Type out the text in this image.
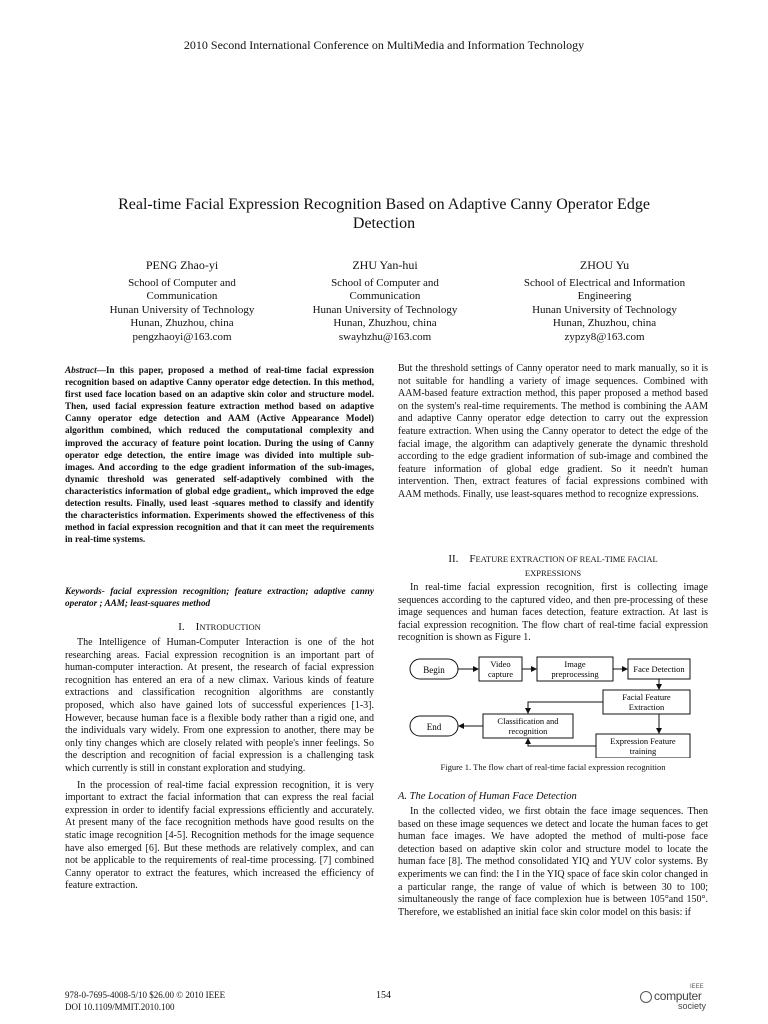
2010 Second International Conference on MultiMedia and Information Technology
Real-time Facial Expression Recognition Based on Adaptive Canny Operator Edge Detection
PENG Zhao-yi
School of Computer and
Communication
Hunan University of Technology
Hunan, Zhuzhou, china
pengzhaoyi@163.com
ZHU Yan-hui
School of Computer and
Communication
Hunan University of Technology
Hunan, Zhuzhou, china
swayhzhu@163.com
ZHOU Yu
School of Electrical and Information
Engineering
Hunan University of Technology
Hunan, Zhuzhou, china
zypzy8@163.com
Abstract—In this paper, proposed a method of real-time facial expression recognition based on adaptive Canny operator edge detection. In this method, first used face location based on an adaptive skin color and structure model. Then, used facial expression feature extraction method based on adaptive Canny operator edge detection and AAM (Active Appearance Model) algorithm combined, which reduced the computational complexity and improved the accuracy of feature point location. During the using of Canny operator edge detection, the entire image was divided into multiple sub-images. And according to the edge gradient information of the sub-images, dynamic threshold was generated self-adaptively combined with the characteristics information of global edge gradient,, which improved the edge detection results. Finally, used least -squares method to classify and identify the characteristics information. Experiments showed the effectiveness of this method in facial expression recognition and that it can meet the requirements in real-time systems.
Keywords- facial expression recognition; feature extraction; adaptive canny operator ; AAM; least-squares method
I. INTRODUCTION

The Intelligence of Human-Computer Interaction is one of the hot researching areas. Facial expression recognition is an important part of human-computer interaction. At present, the research of facial expression recognition has entered an era of a new climax. Various kinds of feature extractions and classification recognition algorithms are constantly proposed, which also have gained lots of successful experiences [1-3]. However, because human face is a flexible body rather than a rigid one, and the individuals vary widely. From one expression to another, there may be only tiny changes which are closely related with people's inner feelings. So the description and recognition of facial expression is a challenging task which currently is still in constant exploration and studying.

In the procession of real-time facial expression recognition, it is very important to extract the facial information that can express the real facial expression in order to identify facial expressions efficiently and accurately. At present many of the face recognition methods have good results on the static image recognition [4-5]. Recognition methods for the image sequence have also emerged [6]. But these methods are relatively complex, and can not be applicable to the requirements of real-time processing. [7] combined Canny operator to extract the features, which increased the efficiency of feature extraction.

But the threshold settings of Canny operator need to mark manually, so it is not suitable for handling a variety of image sequences. Combined with AAM-based feature extraction method, this paper proposed a method based on the system's real-time requirements. The method is combining the AAM and adaptive Canny operator edge detection to carry out the expression feature extraction. When using the Canny operator to detect the edge of the facial image, the algorithm can adaptively generate the dynamic threshold according to the edge gradient information of sub-image and combined the feature information of global edge gradient. So it needn't human intervention. Then, extract features of facial expressions combined with AAM methods. Finally, use least-squares method to recognize expressions.

II. FEATURE EXTRACTION OF REAL-TIME FACIAL
EXPRESSIONS

In real-time facial expression recognition, first is collecting image sequences according to the captured video, and then pre-processing of these image sequences and human faces detection, feature extraction. At last is facial expression recognition. The flow chart of real-time facial expression recognition is shown as Figure 1.

Begin
Video
capture
Image
preprocessing	Face Detection
Facial Feature
Extraction
Classification and
recognition
End
Expression Feature
training
Figure 1. The flow chart of real-time facial expression recognition
A. The Location of Human Face Detection

In the collected video, we first obtain the face image sequences. Then based on these image sequences we detect and locate the human faces to get human face images. We have adopted the method of multi-pose face detection based on adaptive skin color and structure model to locate the human face [8]. The method consolidated YIQ and YUV color systems. By experiments we can find: the I in the YIQ space of face skin color changed in a particular range, the range of value of which is between 30 to 100; simultaneously the range of face complexion hue is between 105°and 150°. Therefore, we established an initial face skin color model on this basis: if

978-0-7695-4008-5/10 $26.00 © 2010 IEEE
DOI 10.1109/MMIT.2010.100
154
IEEE
computer
society
